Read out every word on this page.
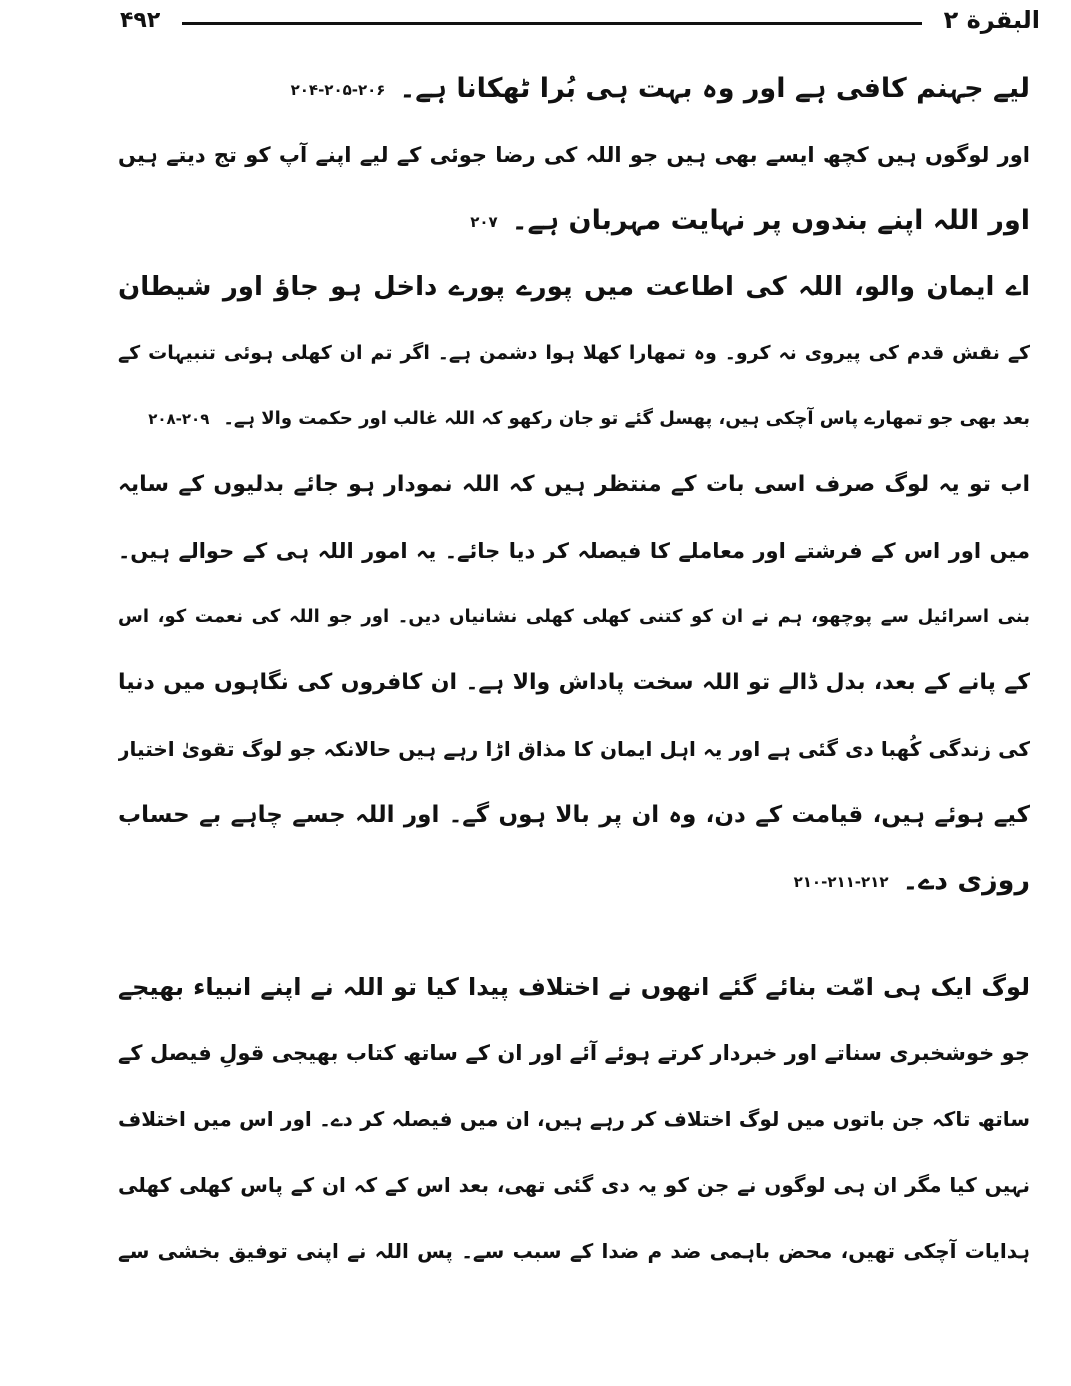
۴۹۲	البقرة ۲
لیے جہنم کافی ہے اور وہ بہت ہی بُرا ٹھکانا ہے۔۲۰۴-۲۰۵-۲۰۶
اور لوگوں ہیں کچھ ایسے بھی ہیں جو اللہ کی رضا جوئی کے لیے اپنے آپ کو تج دیتے ہیں
اور اللہ اپنے بندوں پر نہایت مہربان ہے۔۲۰۷
اے ایمان والو، اللہ کی اطاعت میں پورے پورے داخل ہو جاؤ اور شیطان
کے نقش قدم کی پیروی نہ کرو۔ وہ تمھارا کھلا ہوا دشمن ہے۔ اگر تم ان کھلی ہوئی تنبیہات کے
بعد بھی جو تمھارے پاس آچکی ہیں، پھسل گئے تو جان رکھو کہ اللہ غالب اور حکمت والا ہے۔۲۰۸-۲۰۹
اب تو یہ لوگ صرف اسی بات کے منتظر ہیں کہ اللہ نمودار ہو جائے بدلیوں کے سایہ
میں اور اس کے فرشتے اور معاملے کا فیصلہ کر دیا جائے۔ یہ امور اللہ ہی کے حوالے ہیں۔
بنی اسرائیل سے پوچھو، ہم نے ان کو کتنی کھلی کھلی نشانیاں دیں۔ اور جو اللہ کی نعمت کو، اس
کے پانے کے بعد، بدل ڈالے تو اللہ سخت پاداش والا ہے۔ ان کافروں کی نگاہوں میں دنیا
کی زندگی کُھبا دی گئی ہے اور یہ اہل ایمان کا مذاق اڑا رہے ہیں حالانکہ جو لوگ تقویٰ اختیار
کیے ہوئے ہیں، قیامت کے دن، وہ ان پر بالا ہوں گے۔ اور اللہ جسے چاہے بے حساب
روزی دے۔۲۱۰-۲۱۱-۲۱۲
لوگ ایک ہی امّت بنائے گئے انھوں نے اختلاف پیدا کیا تو اللہ نے اپنے انبیاء بھیجے
جو خوشخبری سناتے اور خبردار کرتے ہوئے آئے اور ان کے ساتھ کتاب بھیجی قولِ فیصل کے
ساتھ تاکہ جن باتوں میں لوگ اختلاف کر رہے ہیں، ان میں فیصلہ کر دے۔ اور اس میں اختلاف
نہیں کیا مگر ان ہی لوگوں نے جن کو یہ دی گئی تھی، بعد اس کے کہ ان کے پاس کھلی کھلی
ہدایات آچکی تھیں، محض باہمی ضد م ضدا کے سبب سے۔ پس اللہ نے اپنی توفیق بخشی سے
